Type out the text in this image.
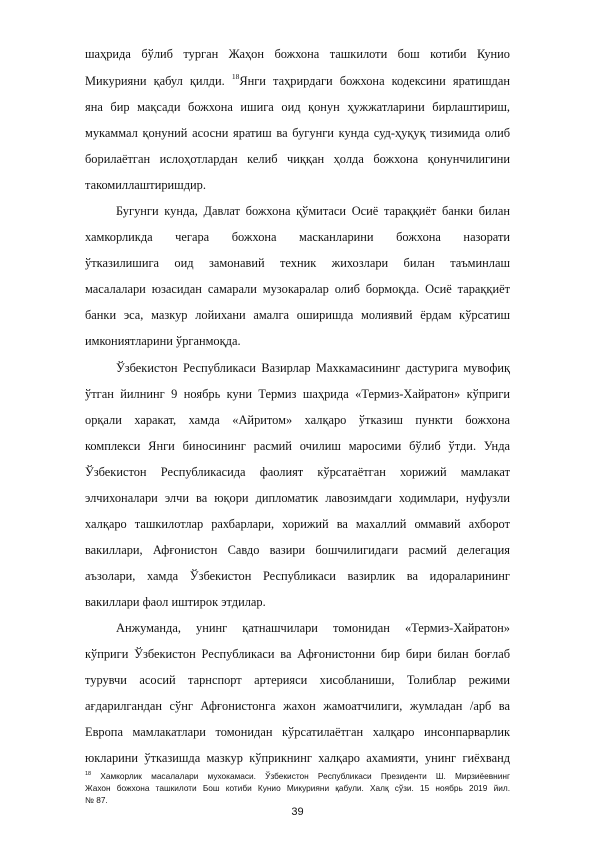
шаҳрида бўлиб турган Жаҳон божхона ташкилоти бош котиби Кунио
Микурияни қабул қилди. $^{18}$Янги таҳрирдаги божхона кодексини яратишдан
яна бир мақсади божхона ишига оид қонун ҳужжатларини бирлаштириш,
мукаммал қонуний асосни яратиш ва бугунги кунда суд-ҳуқуқ тизимида олиб
борилаётган ислоҳотлардан келиб чиққан ҳолда божхона қонунчилигини
такомиллаштиришдир.
Бугунги кунда, Давлат божхона қўмитаси Осиё тараққиёт банки билан
хамкорликда чегара божхона масканларини божхона назорати
ўтказилишига оид замонавий техник жихозлари билан таъминлаш
масалалари юзасидан самарали музокаралар олиб бормоқда. Осиё тараққиёт
банки эса, мазкур лойихани амалга оширишда молиявий ёрдам кўрсатиш
имкониятларини ўрганмоқда.
Ўзбекистон Республикаси Вазирлар Махкамасининг дастурига мувофиқ
ўтган йилнинг 9 ноябрь куни Термиз шаҳрида «Термиз-Хайратон» кўприги
орқали харакат, хамда «Айритом» халқаро ўтказиш пункти божхона
комплекси Янги биносининг расмий очилиш маросими бўлиб ўтди. Унда
Ўзбекистон Республикасида фаолият кўрсатаётган хорижий мамлакат
элчихоналари элчи ва юқори дипломатик лавозимдаги ходимлари, нуфузли
халқаро ташкилотлар рахбарлари, хорижий ва махаллий оммавий ахборот
вакиллари, Афғонистон Савдо вазири бошчилигидаги расмий делегация
аъзолари, хамда Ўзбекистон Республикаси вазирлик ва идораларининг
вакиллари фаол иштирок этдилар.
Анжуманда, унинг қатнашчилари томонидан «Термиз-Хайратон»
кўприги Ўзбекистон Республикаси ва Афғонистонни бир бири билан боғлаб
турувчи асосий тарнспорт артерияси хисобланиши, Толиблар режими
ағдарилгандан сўнг Афғонистонга жахон жамоатчилиги, жумладан /арб ва
Европа мамлакатлари томонидан кўрсатилаётган халқаро инсонпарварлик
юкларини ўтказишда мазкур кўприкнинг халқаро ахамияти, унинг гиёхванд
$^{18}$ Хамкорлик масалалари мухокамаси. Ўзбекистон Республикаси Президенти Ш. Мирзиёевнинг
Жахон божхона ташкилоти Бош котиби Кунио Микурияни қабули. Халқ сўзи. 15 ноябрь 2019 йил.
№ 87.
39
